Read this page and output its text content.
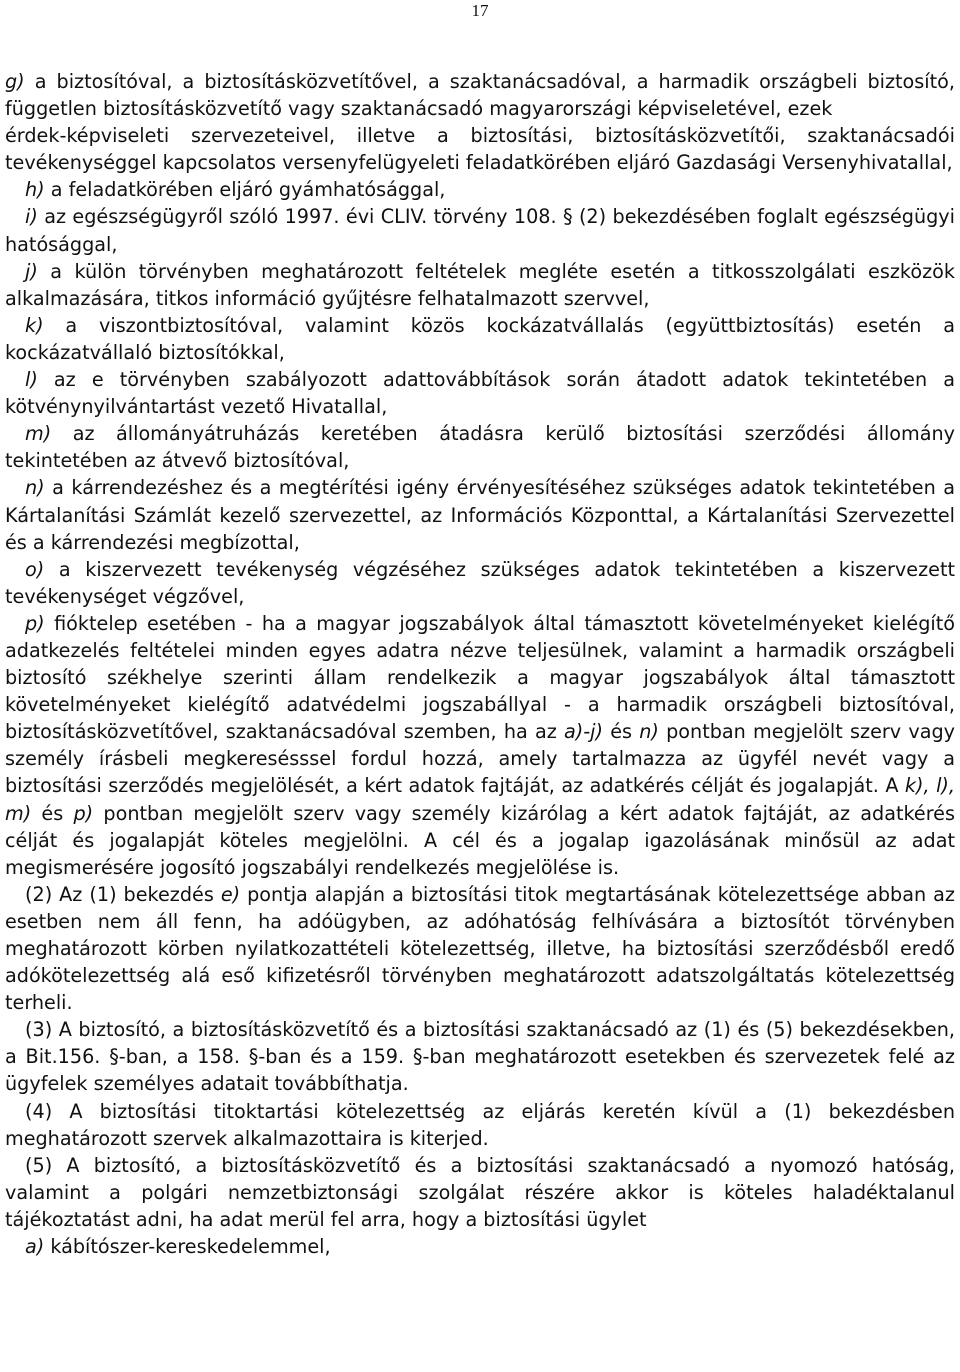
17

g) a biztosítóval, a biztosításközvetítővel, a szaktanácsadóval, a harmadik országbeli biztosító, független biztosításközvetítő vagy szaktanácsadó magyarországi képviseletével, ezek

érdek-képviseleti szervezeteivel, illetve a biztosítási, biztosításközvetítői, szaktanácsadói tevékenységgel kapcsolatos versenyfelügyeleti feladatkörében eljáró Gazdasági Versenyhivatallal,

h) a feladatkörében eljáró gyámhatósággal,

i) az egészségügyről szóló 1997. évi CLIV. törvény 108. § (2) bekezdésében foglalt egészségügyi hatósággal,

j) a külön törvényben meghatározott feltételek megléte esetén a titkosszolgálati eszközök alkalmazására, titkos információ gyűjtésre felhatalmazott szervvel,

k) a viszontbiztosítóval, valamint közös kockázatvállalás (együttbiztosítás) esetén a kockázatvállaló biztosítókkal,

l) az e törvényben szabályozott adattovábbítások során átadott adatok tekintetében a kötvénynyilvántartást vezető Hivatallal,

m) az állományátruházás keretében átadásra kerülő biztosítási szerződési állomány tekintetében az átvevő biztosítóval,

n) a kárrendezéshez és a megtérítési igény érvényesítéséhez szükséges adatok tekintetében a Kártalanítási Számlát kezelő szervezettel, az Információs Központtal, a Kártalanítási Szervezettel és a kárrendezési megbízottal,

o) a kiszervezett tevékenység végzéséhez szükséges adatok tekintetében a kiszervezett tevékenységet végzővel,

p) fióktelep esetében - ha a magyar jogszabályok által támasztott követelményeket kielégítő adatkezelés feltételei minden egyes adatra nézve teljesülnek, valamint a harmadik országbeli biztosító székhelye szerinti állam rendelkezik a magyar jogszabályok által támasztott követelményeket kielégítő adatvédelmi jogszabállyal - a harmadik országbeli biztosítóval, biztosításközvetítővel, szaktanácsadóval szemben, ha az a)-j) és n) pontban megjelölt szerv vagy személy írásbeli megkeresésssel fordul hozzá, amely tartalmazza az ügyfél nevét vagy a biztosítási szerződés megjelölését, a kért adatok fajtáját, az adatkérés célját és jogalapját. A k), l), m) és p) pontban megjelölt szerv vagy személy kizárólag a kért adatok fajtáját, az adatkérés célját és jogalapját köteles megjelölni. A cél és a jogalap igazolásának minősül az adat megismerésére jogosító jogszabályi rendelkezés megjelölése is.

(2) Az (1) bekezdés e) pontja alapján a biztosítási titok megtartásának kötelezettsége abban az esetben nem áll fenn, ha adóügyben, az adóhatóság felhívására a biztosítót törvényben meghatározott körben nyilatkozattételi kötelezettség, illetve, ha biztosítási szerződésből eredő adókötelezettség alá eső kifizetésről törvényben meghatározott adatszolgáltatás kötelezettség terheli.

(3) A biztosító, a biztosításközvetítő és a biztosítási szaktanácsadó az (1) és (5) bekezdésekben, a Bit.156. §-ban, a 158. §-ban és a 159. §-ban meghatározott esetekben és szervezetek felé az ügyfelek személyes adatait továbbíthatja.

(4) A biztosítási titoktartási kötelezettség az eljárás keretén kívül a (1) bekezdésben meghatározott szervek alkalmazottaira is kiterjed.

(5) A biztosító, a biztosításközvetítő és a biztosítási szaktanácsadó a nyomozó hatóság, valamint a polgári nemzetbiztonsági szolgálat részére akkor is köteles haladéktalanul tájékoztatást adni, ha adat merül fel arra, hogy a biztosítási ügylet

a) kábítószer-kereskedelemmel,
